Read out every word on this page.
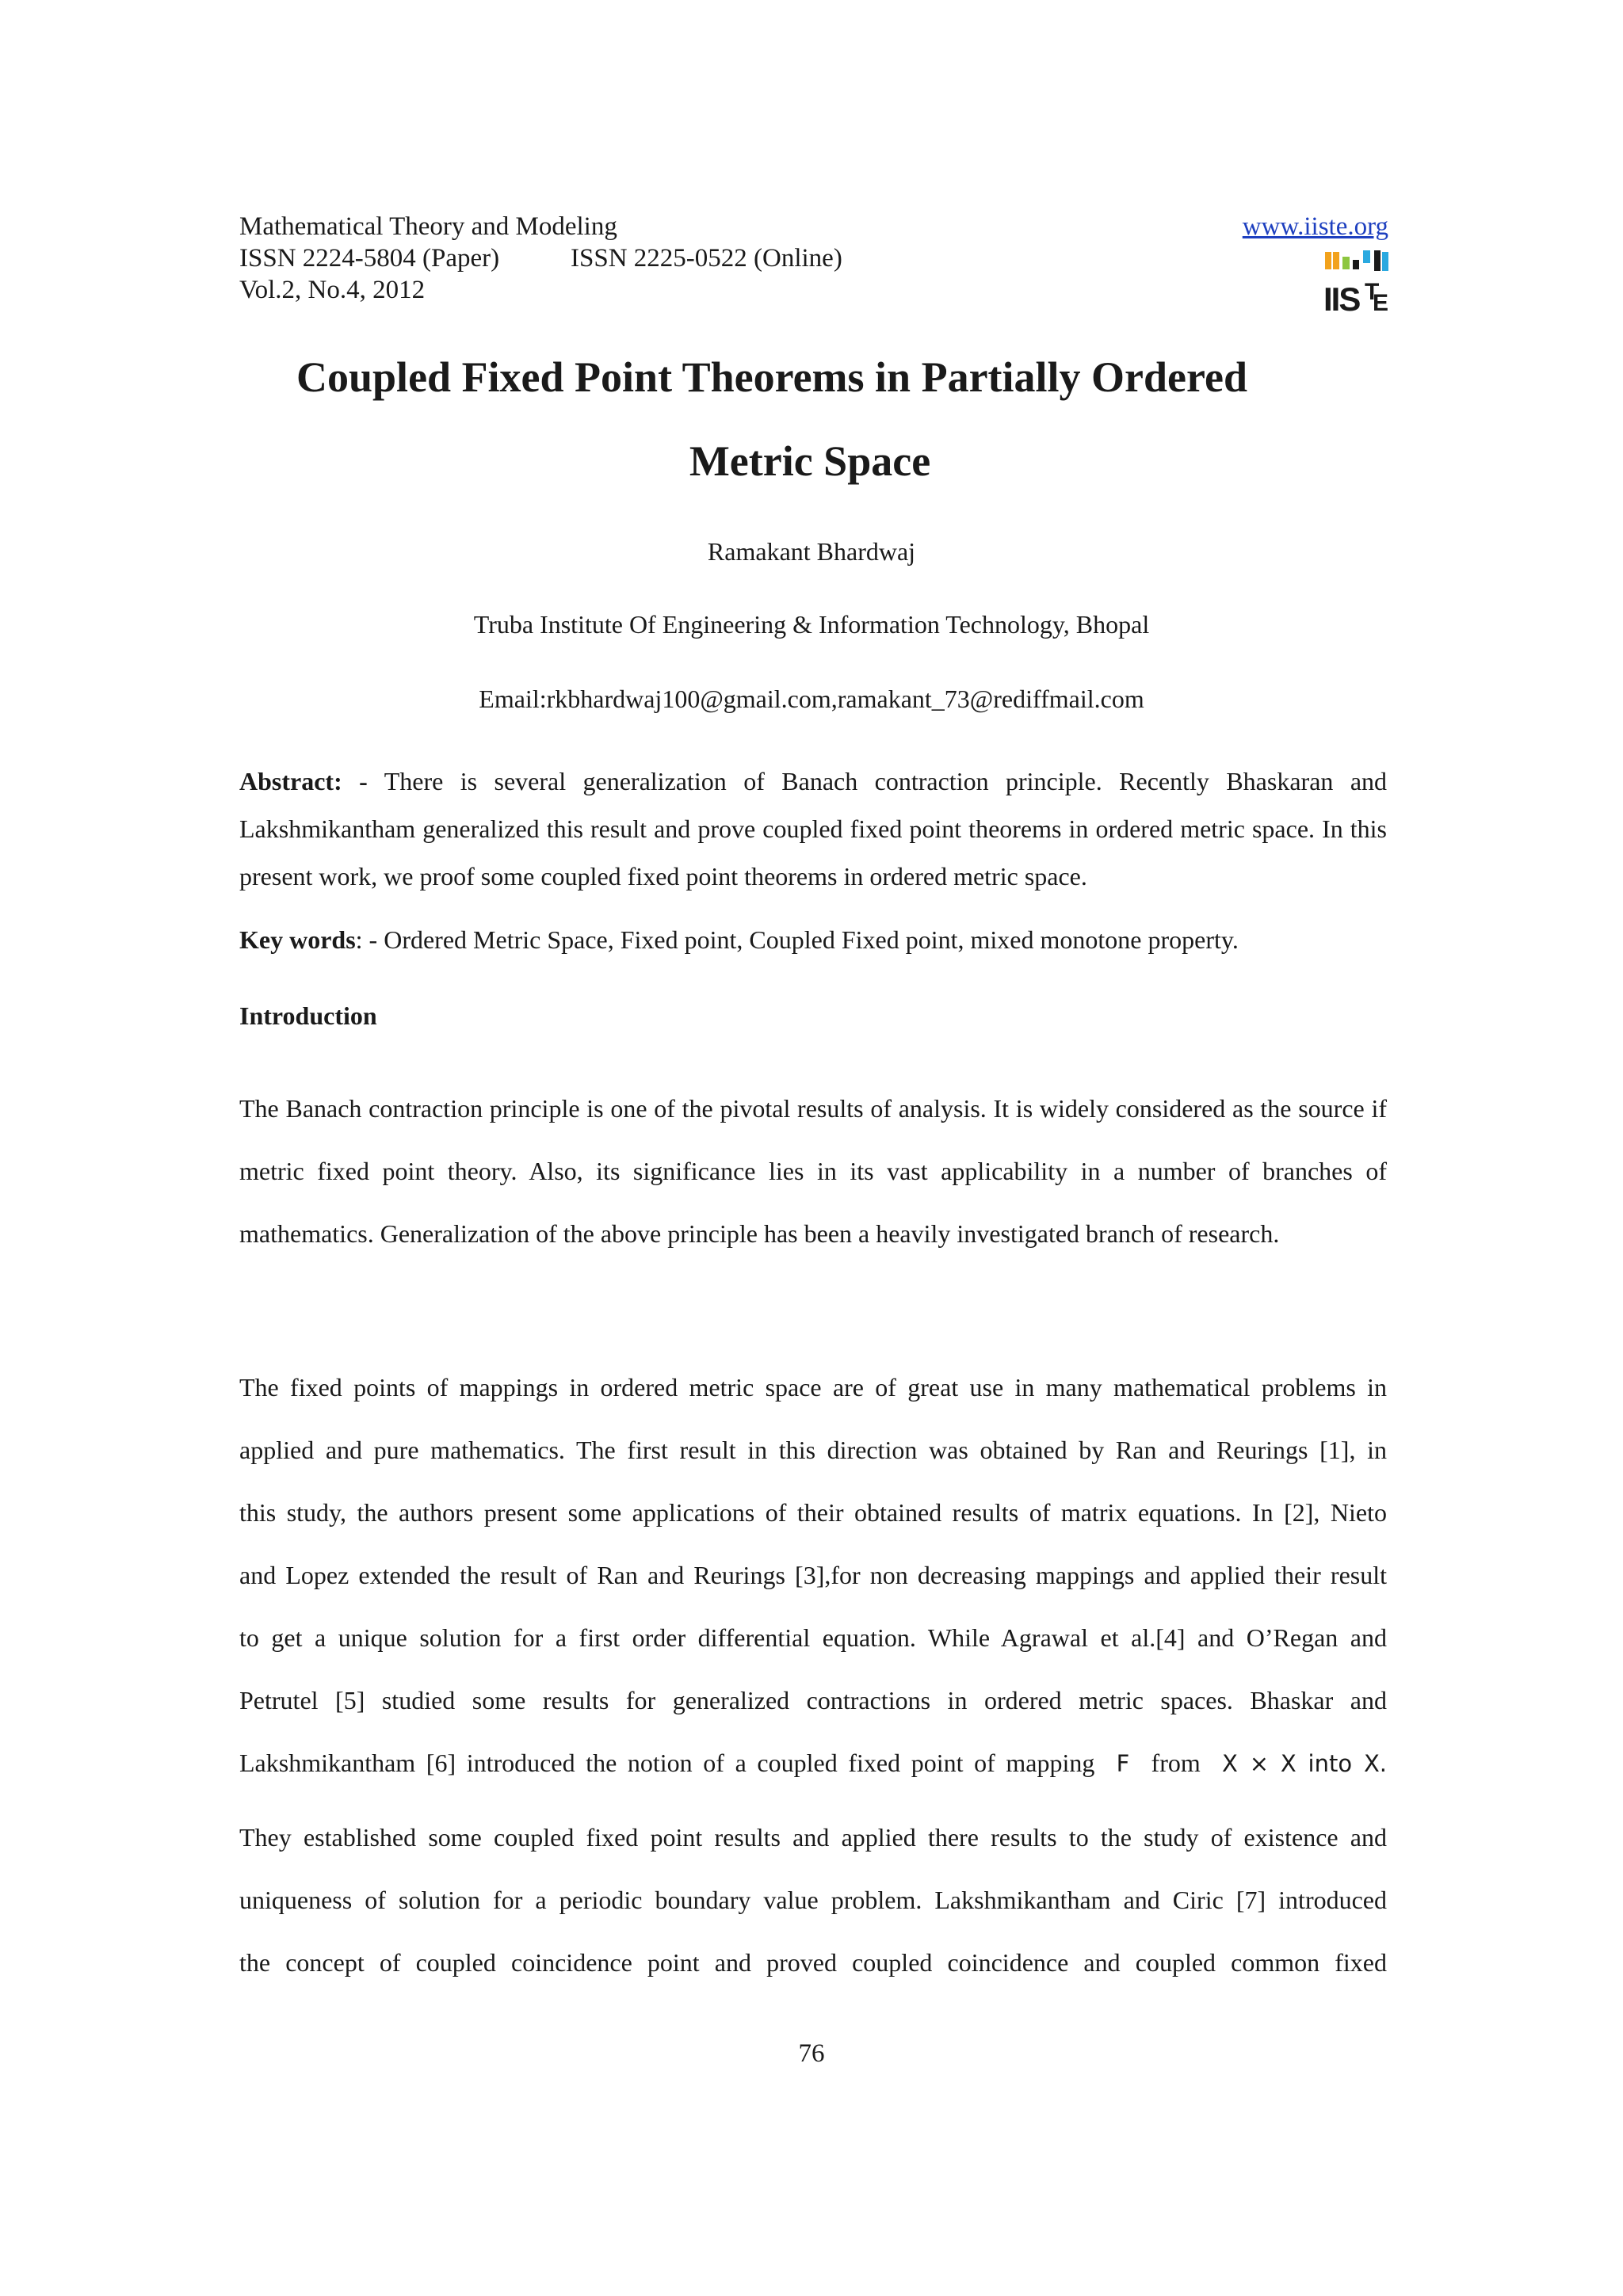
Mathematical Theory and Modeling
ISSN 2224-5804 (Paper)	ISSN 2225-0522 (Online)
Vol.2, No.4, 2012
www.iiste.org
IIS T
E
Coupled Fixed Point Theorems in Partially Ordered
Metric Space
Ramakant Bhardwaj
Truba Institute Of Engineering & Information Technology, Bhopal
Email:rkbhardwaj100@gmail.com,ramakant_73@rediffmail.com
Abstract: - There is several generalization of Banach contraction principle. Recently Bhaskaran and Lakshmikantham generalized this result and prove coupled fixed point theorems in ordered metric space. In this present work, we proof some coupled fixed point theorems in ordered metric space.
Key words: - Ordered Metric Space, Fixed point, Coupled Fixed point, mixed monotone property.
Introduction
The Banach contraction principle is one of the pivotal results of analysis. It is widely considered as the source if metric fixed point theory. Also, its significance lies in its vast applicability in a number of branches of mathematics. Generalization of the above principle has been a heavily investigated branch of research.
The fixed points of mappings in ordered metric space are of great use in many mathematical problems in
applied and pure mathematics. The first result in this direction was obtained by Ran and Reurings [1], in
this study, the authors present some applications of their obtained results of matrix equations. In [2], Nieto
and Lopez extended the result of Ran and Reurings [3],for non decreasing mappings and applied their result
to get a unique solution for a first order differential equation. While Agrawal et al.[4] and O’Regan and
Petrutel [5] studied some results for generalized contractions in ordered metric spaces. Bhaskar and
Lakshmikantham [6] introduced the notion of a coupled fixed point of mapping F from X × X into X.
They established some coupled fixed point results and applied there results to the study of existence and
uniqueness of solution for a periodic boundary value problem. Lakshmikantham and Ciric [7] introduced
the concept of coupled coincidence point and proved coupled coincidence and coupled common fixed
76
